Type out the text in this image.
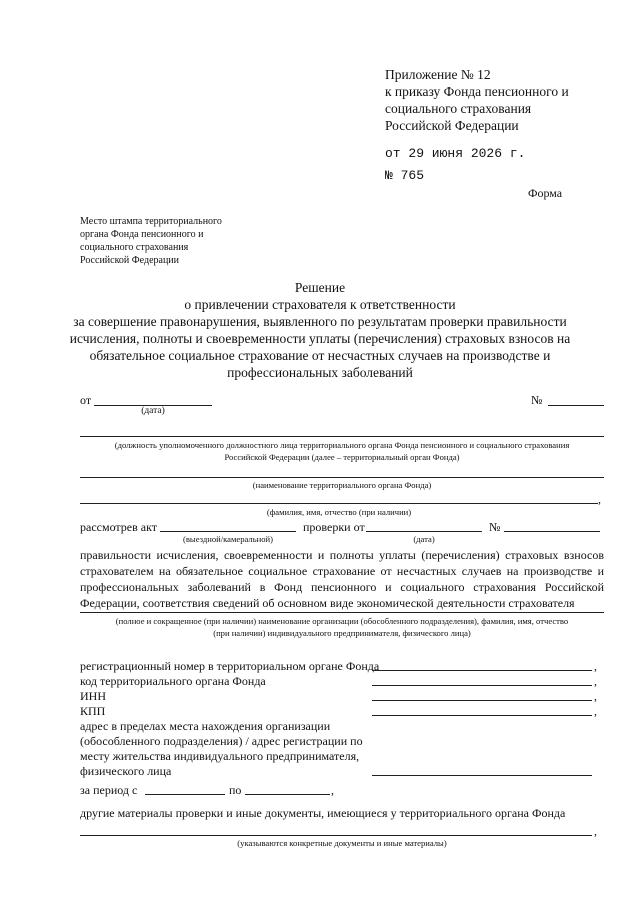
Приложение № 12
к приказу Фонда пенсионного и
социального страхования
Российской Федерации
от 29 июня 2026 г.
№ 765
Форма
Место штампа территориального
органа Фонда пенсионного и
социального страхования
Российской Федерации
Решение
о привлечении страхователя к ответственности
за совершение правонарушения, выявленного по результатам проверки правильности
исчисления, полноты и своевременности уплаты (перечисления) страховых взносов на
обязательное социальное страхование от несчастных случаев на производстве и
профессиональных заболеваний
от
(дата)
№
(должность уполномоченного должностного лица территориального органа Фонда пенсионного и социального страхования
Российской Федерации (далее – территориальный орган Фонда)
(наименование территориального органа Фонда)
,
(фамилия, имя, отчество (при наличии)
рассмотрев акт
(выездной/камеральной)
проверки от
(дата)
№
правильности исчисления, своевременности и полноты уплаты (перечисления) страховых взносов
страхователем на обязательное социальное страхование от несчастных случаев на производстве и
профессиональных заболеваний в Фонд пенсионного и социального страхования Российской
Федерации, соответствия сведений об основном виде экономической деятельности страхователя
(полное и сокращенное (при наличии) наименование организации (обособленного подразделения), фамилия, имя, отчество
(при наличии) индивидуального предпринимателя, физического лица)
регистрационный номер в территориальном органе Фонда	,
код территориального органа Фонда	,
ИНН	,
КПП	,
адрес в пределах места нахождения организации
(обособленного подразделения) / адрес регистрации по
месту жительства индивидуального предпринимателя,
физического лица
за период с	по	,
другие материалы проверки и иные документы, имеющиеся у территориального органа Фонда
,
(указываются конкретные документы и иные материалы)
